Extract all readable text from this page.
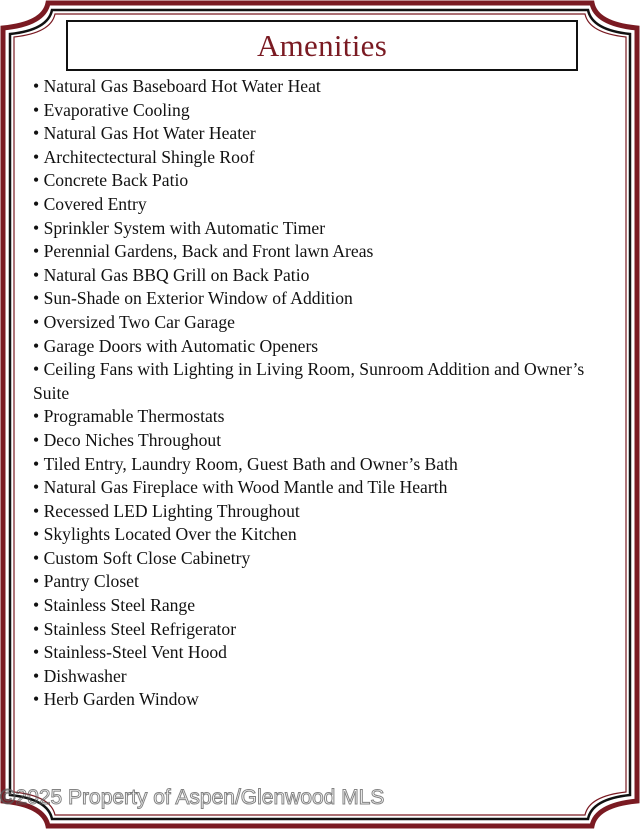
Amenities
• Natural Gas Baseboard Hot Water Heat
• Evaporative Cooling
• Natural Gas Hot Water Heater
• Architectectural Shingle Roof
• Concrete Back Patio
• Covered Entry
• Sprinkler System with Automatic Timer
• Perennial Gardens, Back and Front lawn Areas
• Natural Gas BBQ Grill on Back Patio
• Sun-Shade on Exterior Window of Addition
• Oversized Two Car Garage
• Garage Doors with Automatic Openers
• Ceiling Fans with Lighting in Living Room, Sunroom Addition and Owner’s Suite
• Programable Thermostats
• Deco Niches Throughout
• Tiled Entry, Laundry Room, Guest Bath and Owner’s Bath
• Natural Gas Fireplace with Wood Mantle and Tile Hearth
• Recessed LED Lighting Throughout
• Skylights Located Over the Kitchen
• Custom Soft Close Cabinetry
• Pantry Closet
• Stainless Steel Range
• Stainless Steel Refrigerator
• Stainless-Steel Vent Hood
• Dishwasher
• Herb Garden Window
©2025 Property of Aspen/Glenwood MLS
